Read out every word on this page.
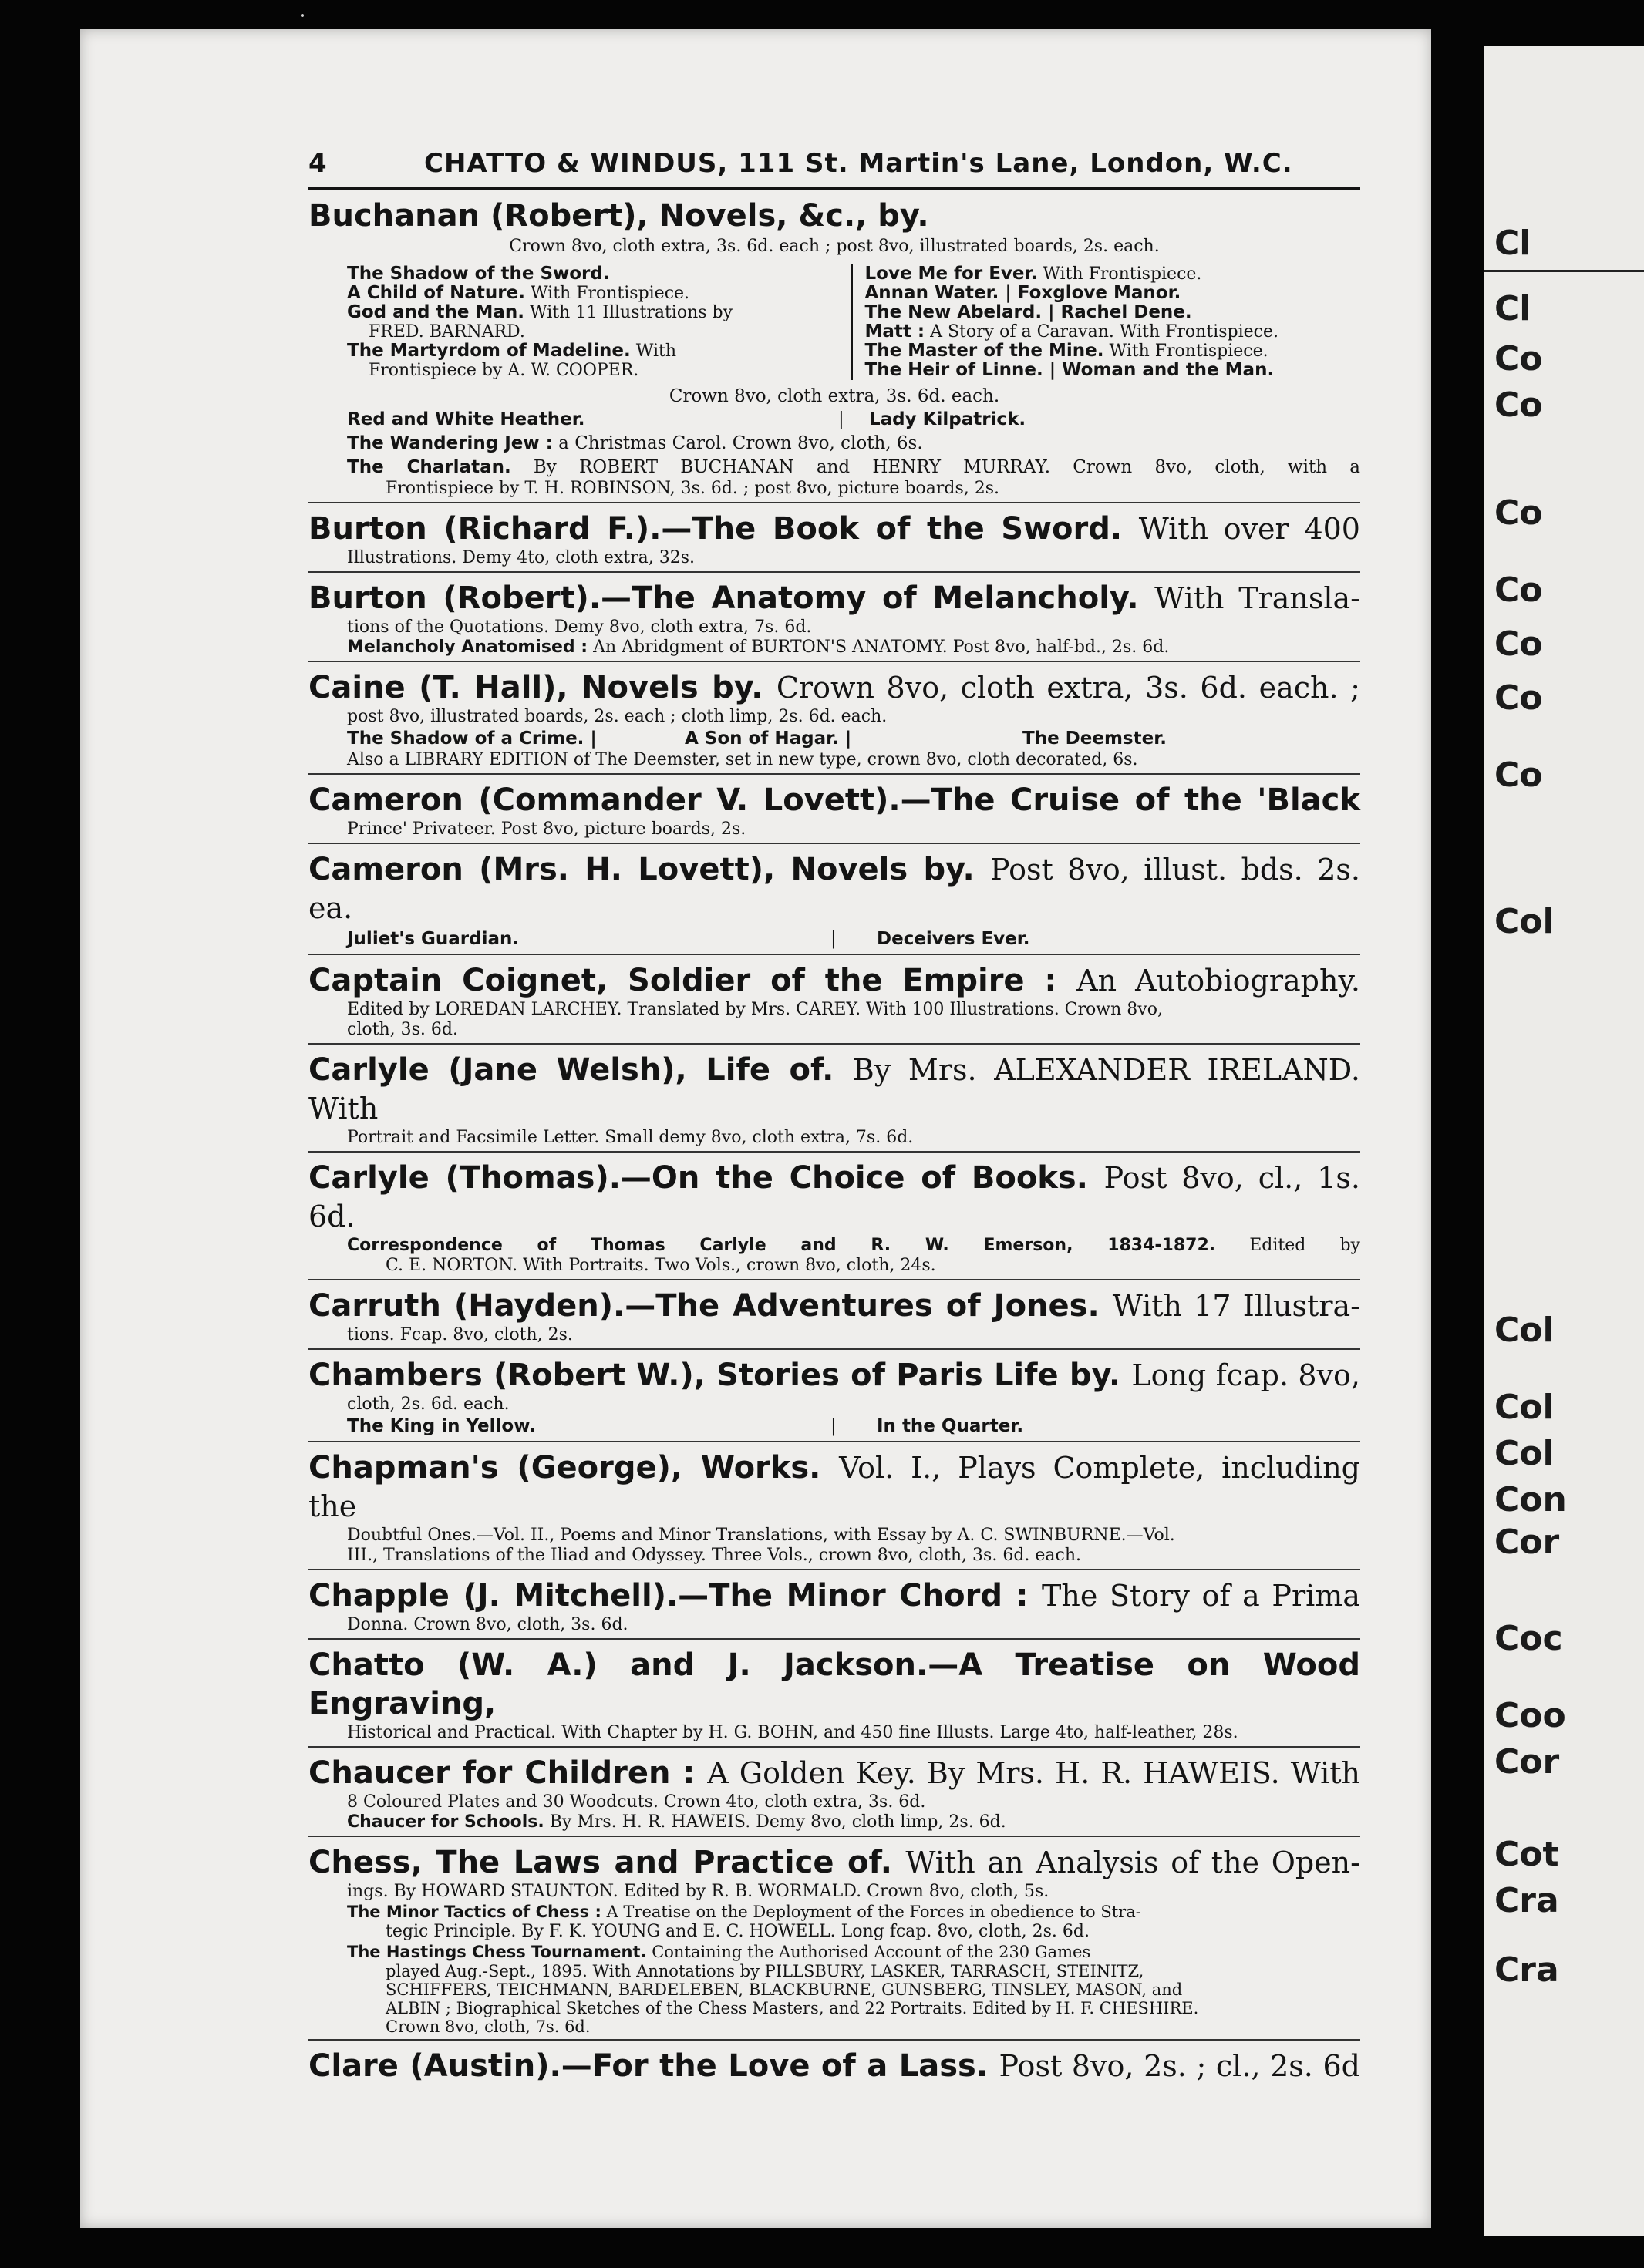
Cl
Cl
Co
Co
Co
Co
Co
Co
Co
Col
Col
Col
Col
Con
Cor
Coc
Coo
Cor
Cot
Cra
Cra
4	CHATTO & WINDUS, 111 St. Martin's Lane, London, W.C.
Buchanan (Robert), Novels, &c., by.
Crown 8vo, cloth extra, 3s. 6d. each ; post 8vo, illustrated boards, 2s. each.
The Shadow of the Sword.
A Child of Nature. With Frontispiece.
God and the Man. With 11 Illustrations by
FRED. BARNARD.
The Martyrdom of Madeline. With
Frontispiece by A. W. COOPER.
Love Me for Ever. With Frontispiece.
Annan Water. | Foxglove Manor.
The New Abelard. | Rachel Dene.
Matt : A Story of a Caravan. With Frontispiece.
The Master of the Mine. With Frontispiece.
The Heir of Linne. | Woman and the Man.
Crown 8vo, cloth extra, 3s. 6d. each.
Red and White Heather.	|	Lady Kilpatrick.
The Wandering Jew : a Christmas Carol. Crown 8vo, cloth, 6s.
The Charlatan. By ROBERT BUCHANAN and HENRY MURRAY. Crown 8vo, cloth, with a
Frontispiece by T. H. ROBINSON, 3s. 6d. ; post 8vo, picture boards, 2s.
Burton (Richard F.).—The Book of the Sword. With over 400
Illustrations. Demy 4to, cloth extra, 32s.
Burton (Robert).—The Anatomy of Melancholy. With Transla-
tions of the Quotations. Demy 8vo, cloth extra, 7s. 6d.
Melancholy Anatomised : An Abridgment of BURTON'S ANATOMY. Post 8vo, half-bd., 2s. 6d.
Caine (T. Hall), Novels by. Crown 8vo, cloth extra, 3s. 6d. each. ;
post 8vo, illustrated boards, 2s. each ; cloth limp, 2s. 6d. each.
The Shadow of a Crime. |	A Son of Hagar. |	The Deemster.
Also a LIBRARY EDITION of The Deemster, set in new type, crown 8vo, cloth decorated, 6s.
Cameron (Commander V. Lovett).—The Cruise of the 'Black
Prince' Privateer. Post 8vo, picture boards, 2s.
Cameron (Mrs. H. Lovett), Novels by. Post 8vo, illust. bds. 2s. ea.
Juliet's Guardian.	|	Deceivers Ever.
Captain Coignet, Soldier of the Empire : An Autobiography.
Edited by LOREDAN LARCHEY. Translated by Mrs. CAREY. With 100 Illustrations. Crown 8vo,
cloth, 3s. 6d.
Carlyle (Jane Welsh), Life of. By Mrs. ALEXANDER IRELAND. With
Portrait and Facsimile Letter. Small demy 8vo, cloth extra, 7s. 6d.
Carlyle (Thomas).—On the Choice of Books. Post 8vo, cl., 1s. 6d.
Correspondence of Thomas Carlyle and R. W. Emerson, 1834-1872. Edited by
C. E. NORTON. With Portraits. Two Vols., crown 8vo, cloth, 24s.
Carruth (Hayden).—The Adventures of Jones. With 17 Illustra-
tions. Fcap. 8vo, cloth, 2s.
Chambers (Robert W.), Stories of Paris Life by. Long fcap. 8vo,
cloth, 2s. 6d. each.
The King in Yellow.	|	In the Quarter.
Chapman's (George), Works. Vol. I., Plays Complete, including the
Doubtful Ones.—Vol. II., Poems and Minor Translations, with Essay by A. C. SWINBURNE.—Vol.
III., Translations of the Iliad and Odyssey. Three Vols., crown 8vo, cloth, 3s. 6d. each.
Chapple (J. Mitchell).—The Minor Chord : The Story of a Prima
Donna. Crown 8vo, cloth, 3s. 6d.
Chatto (W. A.) and J. Jackson.—A Treatise on Wood Engraving,
Historical and Practical. With Chapter by H. G. BOHN, and 450 fine Illusts. Large 4to, half-leather, 28s.
Chaucer for Children : A Golden Key. By Mrs. H. R. HAWEIS. With
8 Coloured Plates and 30 Woodcuts. Crown 4to, cloth extra, 3s. 6d.
Chaucer for Schools. By Mrs. H. R. HAWEIS. Demy 8vo, cloth limp, 2s. 6d.
Chess, The Laws and Practice of. With an Analysis of the Open-
ings. By HOWARD STAUNTON. Edited by R. B. WORMALD. Crown 8vo, cloth, 5s.
The Minor Tactics of Chess : A Treatise on the Deployment of the Forces in obedience to Stra-
tegic Principle. By F. K. YOUNG and E. C. HOWELL. Long fcap. 8vo, cloth, 2s. 6d.
The Hastings Chess Tournament. Containing the Authorised Account of the 230 Games
played Aug.-Sept., 1895. With Annotations by PILLSBURY, LASKER, TARRASCH, STEINITZ,
SCHIFFERS, TEICHMANN, BARDELEBEN, BLACKBURNE, GUNSBERG, TINSLEY, MASON, and
ALBIN ; Biographical Sketches of the Chess Masters, and 22 Portraits. Edited by H. F. CHESHIRE.
Crown 8vo, cloth, 7s. 6d.
Clare (Austin).—For the Love of a Lass. Post 8vo, 2s. ; cl., 2s. 6d
